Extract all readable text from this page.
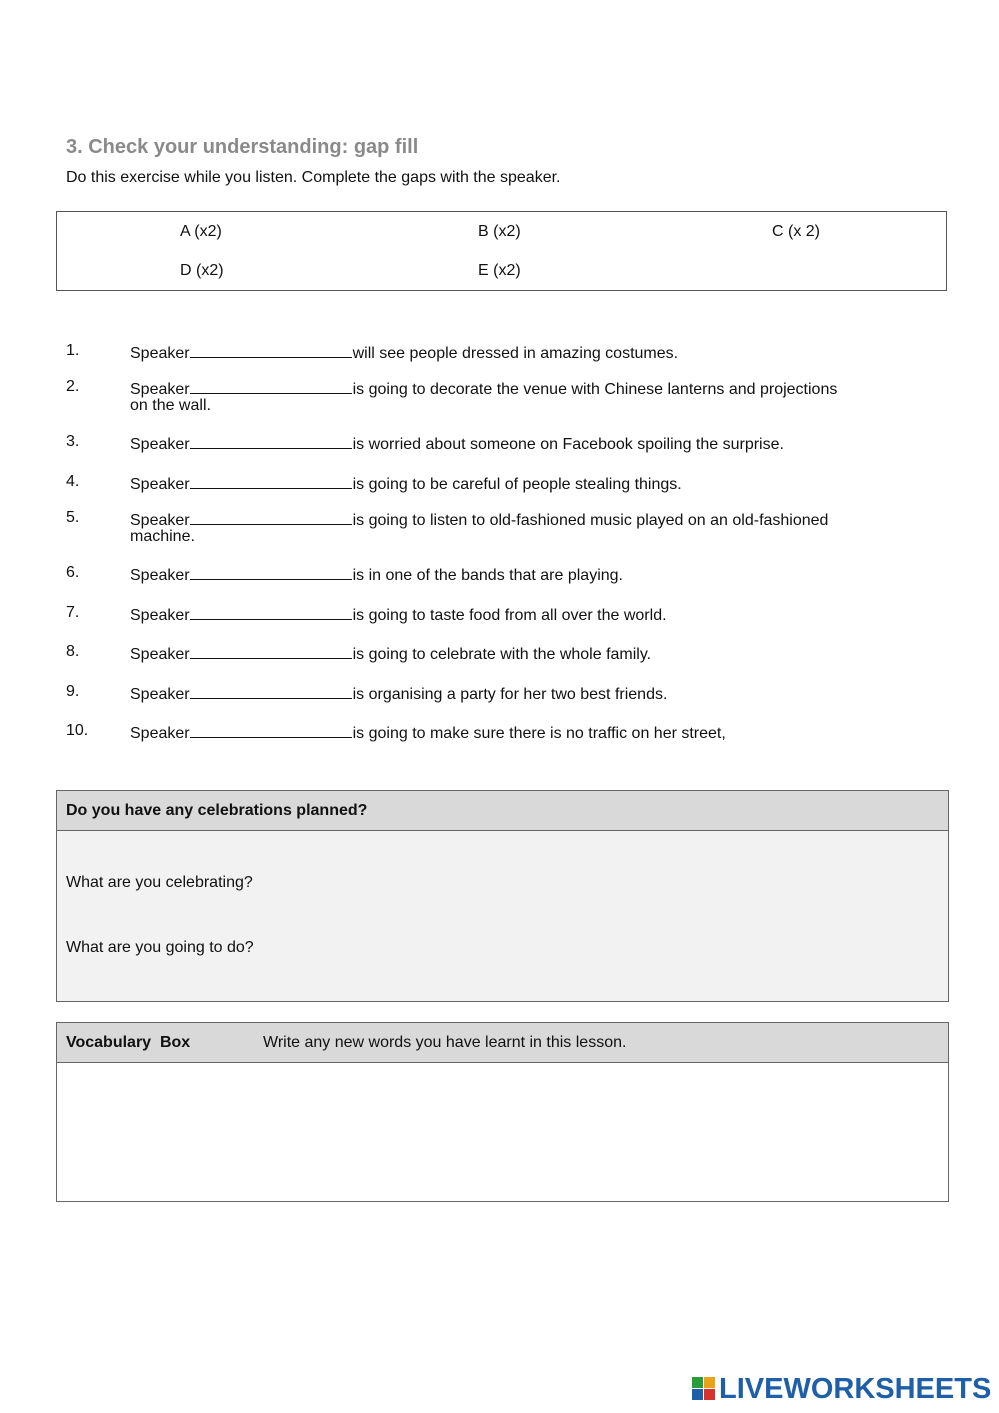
3. Check your understanding: gap fill
Do this exercise while you listen. Complete the gaps with the speaker.
A (x2)	B (x2)	C (x 2)
D (x2)	E (x2)
1.	Speaker	will see people dressed in amazing costumes.
2.	Speaker	is going to decorate the venue with Chinese lanterns and projections
on the wall.
3.	Speaker	is worried about someone on Facebook spoiling the surprise.
4.	Speaker	is going to be careful of people stealing things.
5.	Speaker	is going to listen to old-fashioned music played on an old-fashioned
machine.
6.	Speaker	is in one of the bands that are playing.
7.	Speaker	is going to taste food from all over the world.
8.	Speaker	is going to celebrate with the whole family.
9.	Speaker	is organising a party for her two best friends.
10.	Speaker	is going to make sure there is no traffic on her street,
Do you have any celebrations planned?
What are you celebrating?
What are you going to do?
Vocabulary  Box	Write any new words you have learnt in this lesson.
LIVEWORKSHEETS
